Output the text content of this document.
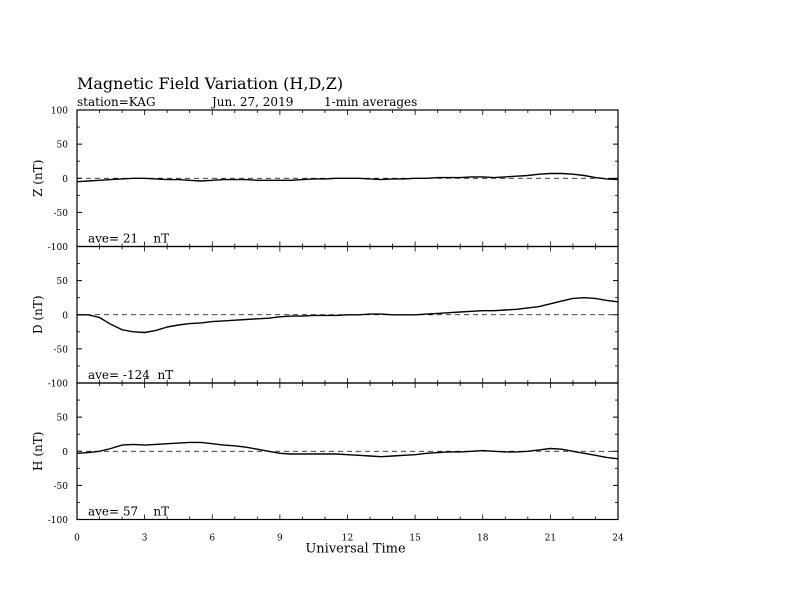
Magnetic Field Variation (H,D,Z)
station=KAG	Jun. 27, 2019	1-min averages
100
50
0
-50
-100
Z (nT)
ave= 21    nT
50
0
-50
-100
D (nT)
ave= -124  nT
50
0
-50
-100
H (nT)
ave= 57    nT
0	3	6	9	12	15	18	21	24
Universal Time
